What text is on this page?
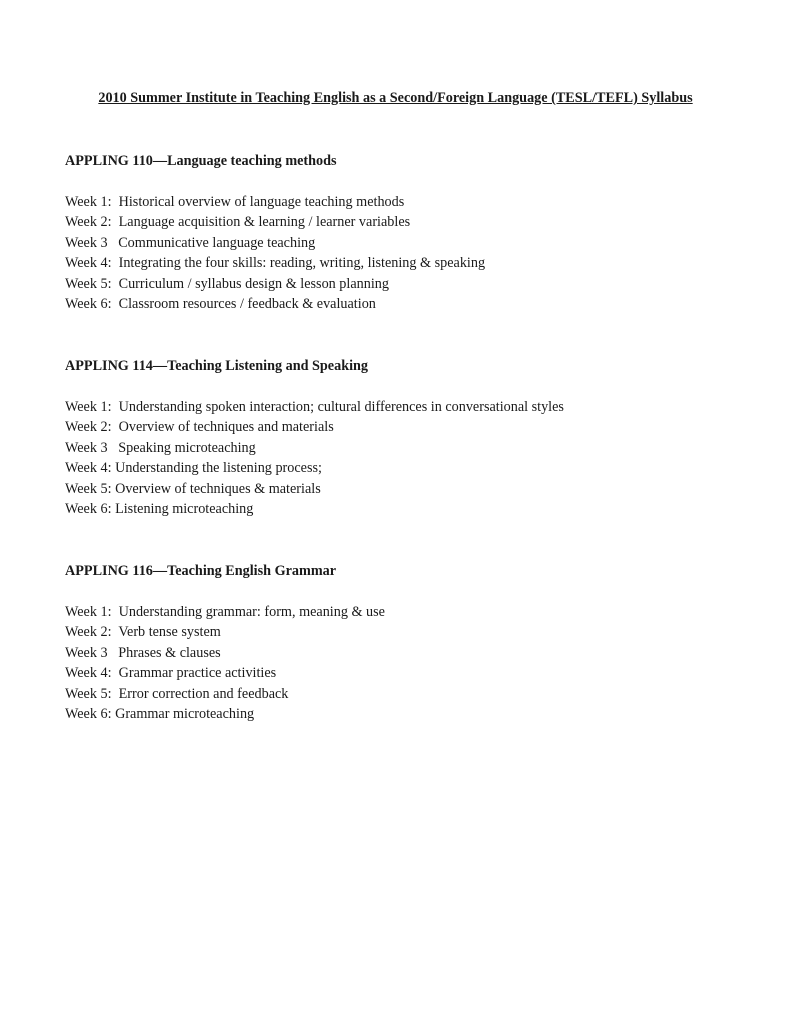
2010 Summer Institute in Teaching English as a Second/Foreign Language (TESL/TEFL) Syllabus
APPLING 110—Language teaching methods
Week 1:  Historical overview of language teaching methods
Week 2:  Language acquisition & learning / learner variables
Week 3   Communicative language teaching
Week 4:  Integrating the four skills: reading, writing, listening & speaking
Week 5:  Curriculum / syllabus design & lesson planning
Week 6:  Classroom resources / feedback & evaluation
APPLING 114—Teaching Listening and Speaking
Week 1:  Understanding spoken interaction; cultural differences in conversational styles
Week 2:  Overview of techniques and materials
Week 3   Speaking microteaching
Week 4: Understanding the listening process;
Week 5: Overview of techniques & materials
Week 6: Listening microteaching
APPLING 116—Teaching English Grammar
Week 1:  Understanding grammar: form, meaning & use
Week 2:  Verb tense system
Week 3   Phrases & clauses
Week 4:  Grammar practice activities
Week 5:  Error correction and feedback
Week 6: Grammar microteaching
